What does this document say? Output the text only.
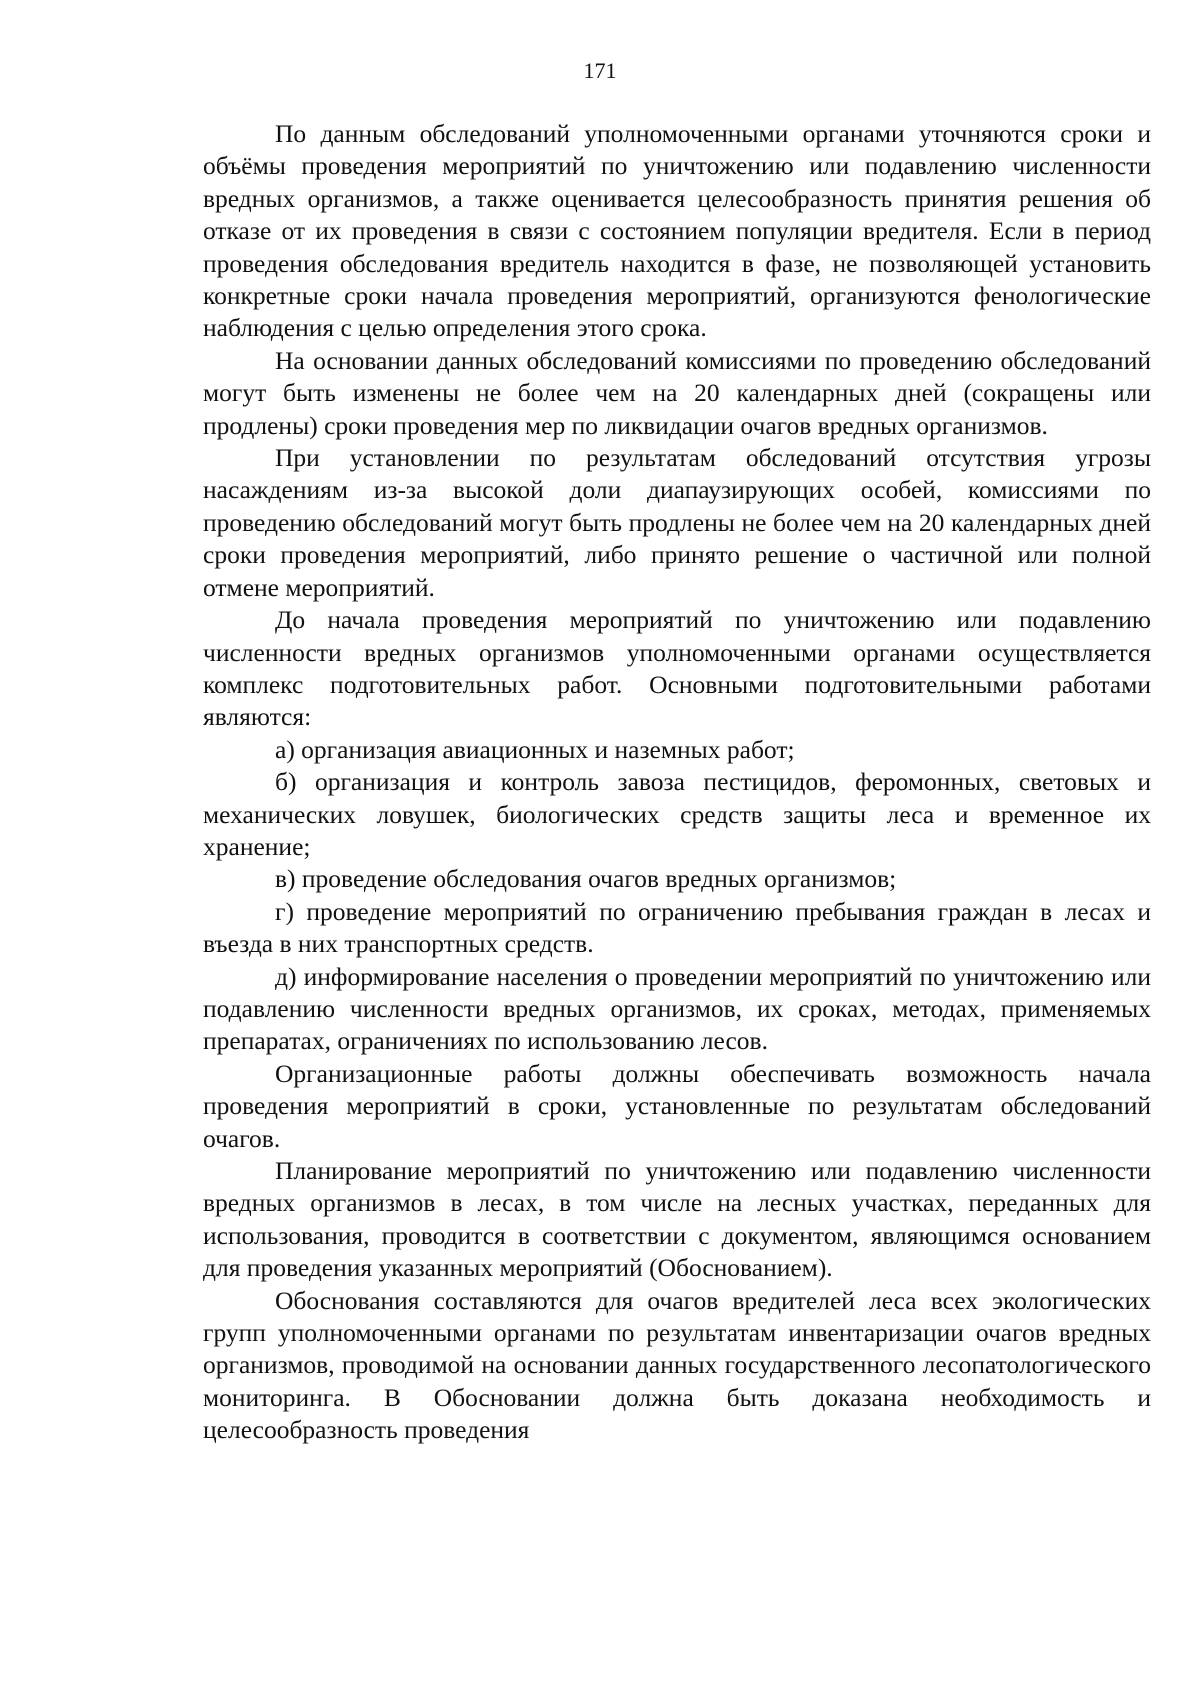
171

По данным обследований уполномоченными органами уточняются сроки и объёмы проведения мероприятий по уничтожению или подавлению численности вредных организмов, а также оценивается целесообразность принятия решения об отказе от их проведения в связи с состоянием популяции вредителя. Если в период проведения обследования вредитель находится в фазе, не позволяющей установить конкретные сроки начала проведения мероприятий, организуются фенологические наблюдения с целью определения этого срока.

На основании данных обследований комиссиями по проведению обследований могут быть изменены не более чем на 20 календарных дней (сокращены или продлены) сроки проведения мер по ликвидации очагов вредных организмов.

При установлении по результатам обследований отсутствия угрозы насаждениям из-за высокой доли диапаузирующих особей, комиссиями по проведению обследований могут быть продлены не более чем на 20 календарных дней сроки проведения мероприятий, либо принято решение о частичной или полной отмене мероприятий.

До начала проведения мероприятий по уничтожению или подавлению численности вредных организмов уполномоченными органами осуществляется комплекс подготовительных работ. Основными подготовительными работами являются:

а) организация авиационных и наземных работ;

б) организация и контроль завоза пестицидов, феромонных, световых и механических ловушек, биологических средств защиты леса и временное их хранение;

в) проведение обследования очагов вредных организмов;

г) проведение мероприятий по ограничению пребывания граждан в лесах и въезда в них транспортных средств.

д) информирование населения о проведении мероприятий по уничтожению или подавлению численности вредных организмов, их сроках, методах, применяемых препаратах, ограничениях по использованию лесов.

Организационные работы должны обеспечивать возможность начала проведения мероприятий в сроки, установленные по результатам обследований очагов.

Планирование мероприятий по уничтожению или подавлению численности вредных организмов в лесах, в том числе на лесных участках, переданных для использования, проводится в соответствии с документом, являющимся основанием для проведения указанных мероприятий (Обоснованием).

Обоснования составляются для очагов вредителей леса всех экологических групп уполномоченными органами по результатам инвентаризации очагов вредных организмов, проводимой на основании данных государственного лесопатологического мониторинга. В Обосновании должна быть доказана необходимость и целесообразность проведения
